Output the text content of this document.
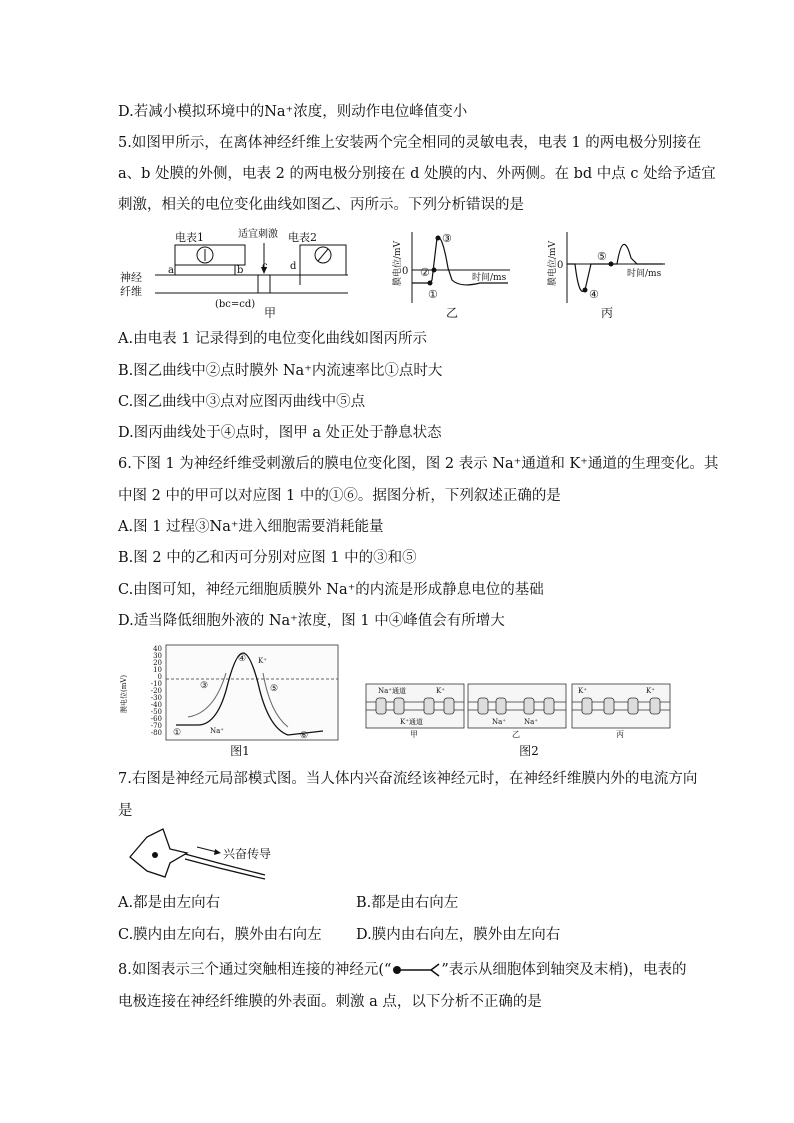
D.若减小模拟环境中的Na⁺浓度，则动作电位峰值变小
5.如图甲所示，在离体神经纤维上安装两个完全相同的灵敏电表，电表 1 的两电极分别接在
a、b 处膜的外侧，电表 2 的两电极分别接在 d 处膜的内、外两侧。在 bd 中点 c 处给予适宜
刺激，相关的电位变化曲线如图乙、丙所示。下列分析错误的是
电表1	电表2
适宜刺激
a	b c d
神经
纤维
(bc=cd)
甲
①
②
③
0
时间/ms
膜电位/mV
乙
④
⑤
0
时间/ms
膜电位/mV
丙
A.由电表 1 记录得到的电位变化曲线如图丙所示
B.图乙曲线中②点时膜外 Na⁺内流速率比①点时大
C.图乙曲线中③点对应图丙曲线中⑤点
D.图丙曲线处于④点时，图甲 a 处正处于静息状态
6.下图 1 为神经纤维受刺激后的膜电位变化图，图 2 表示 Na⁺通道和 K⁺通道的生理变化。其
中图 2 中的甲可以对应图 1 中的①⑥。据图分析，下列叙述正确的是
A.图 1 过程③Na⁺进入细胞需要消耗能量
B.图 2 中的乙和丙可分别对应图 1 中的③和⑤
C.由图可知，神经元细胞质膜外 Na⁺的内流是形成静息电位的基础
D.适当降低细胞外液的 Na⁺浓度，图 1 中④峰值会有所增大
40
30
20
10
0
-10
-20
-30
-40
-50
-60
-70
-80
膜电位(mV)
①
③
④
⑤
⑥
Na⁺
K⁺
图1
Na⁺通道	K⁺
K⁺通道	Na⁺	Na⁺
K⁺	K⁺
甲	乙	丙
图2
7.右图是神经元局部模式图。当人体内兴奋流经该神经元时，在神经纤维膜内外的电流方向
是
兴奋传导
A.都是由左向右	B.都是由右向左
C.膜内由左向右，膜外由右向左 D.膜内由右向左，膜外由左向右
8.如图表示三个通过突触相连接的神经元(“	”表示从细胞体到轴突及末梢)，电表的
电极连接在神经纤维膜的外表面。刺激 a 点，以下分析不正确的是
